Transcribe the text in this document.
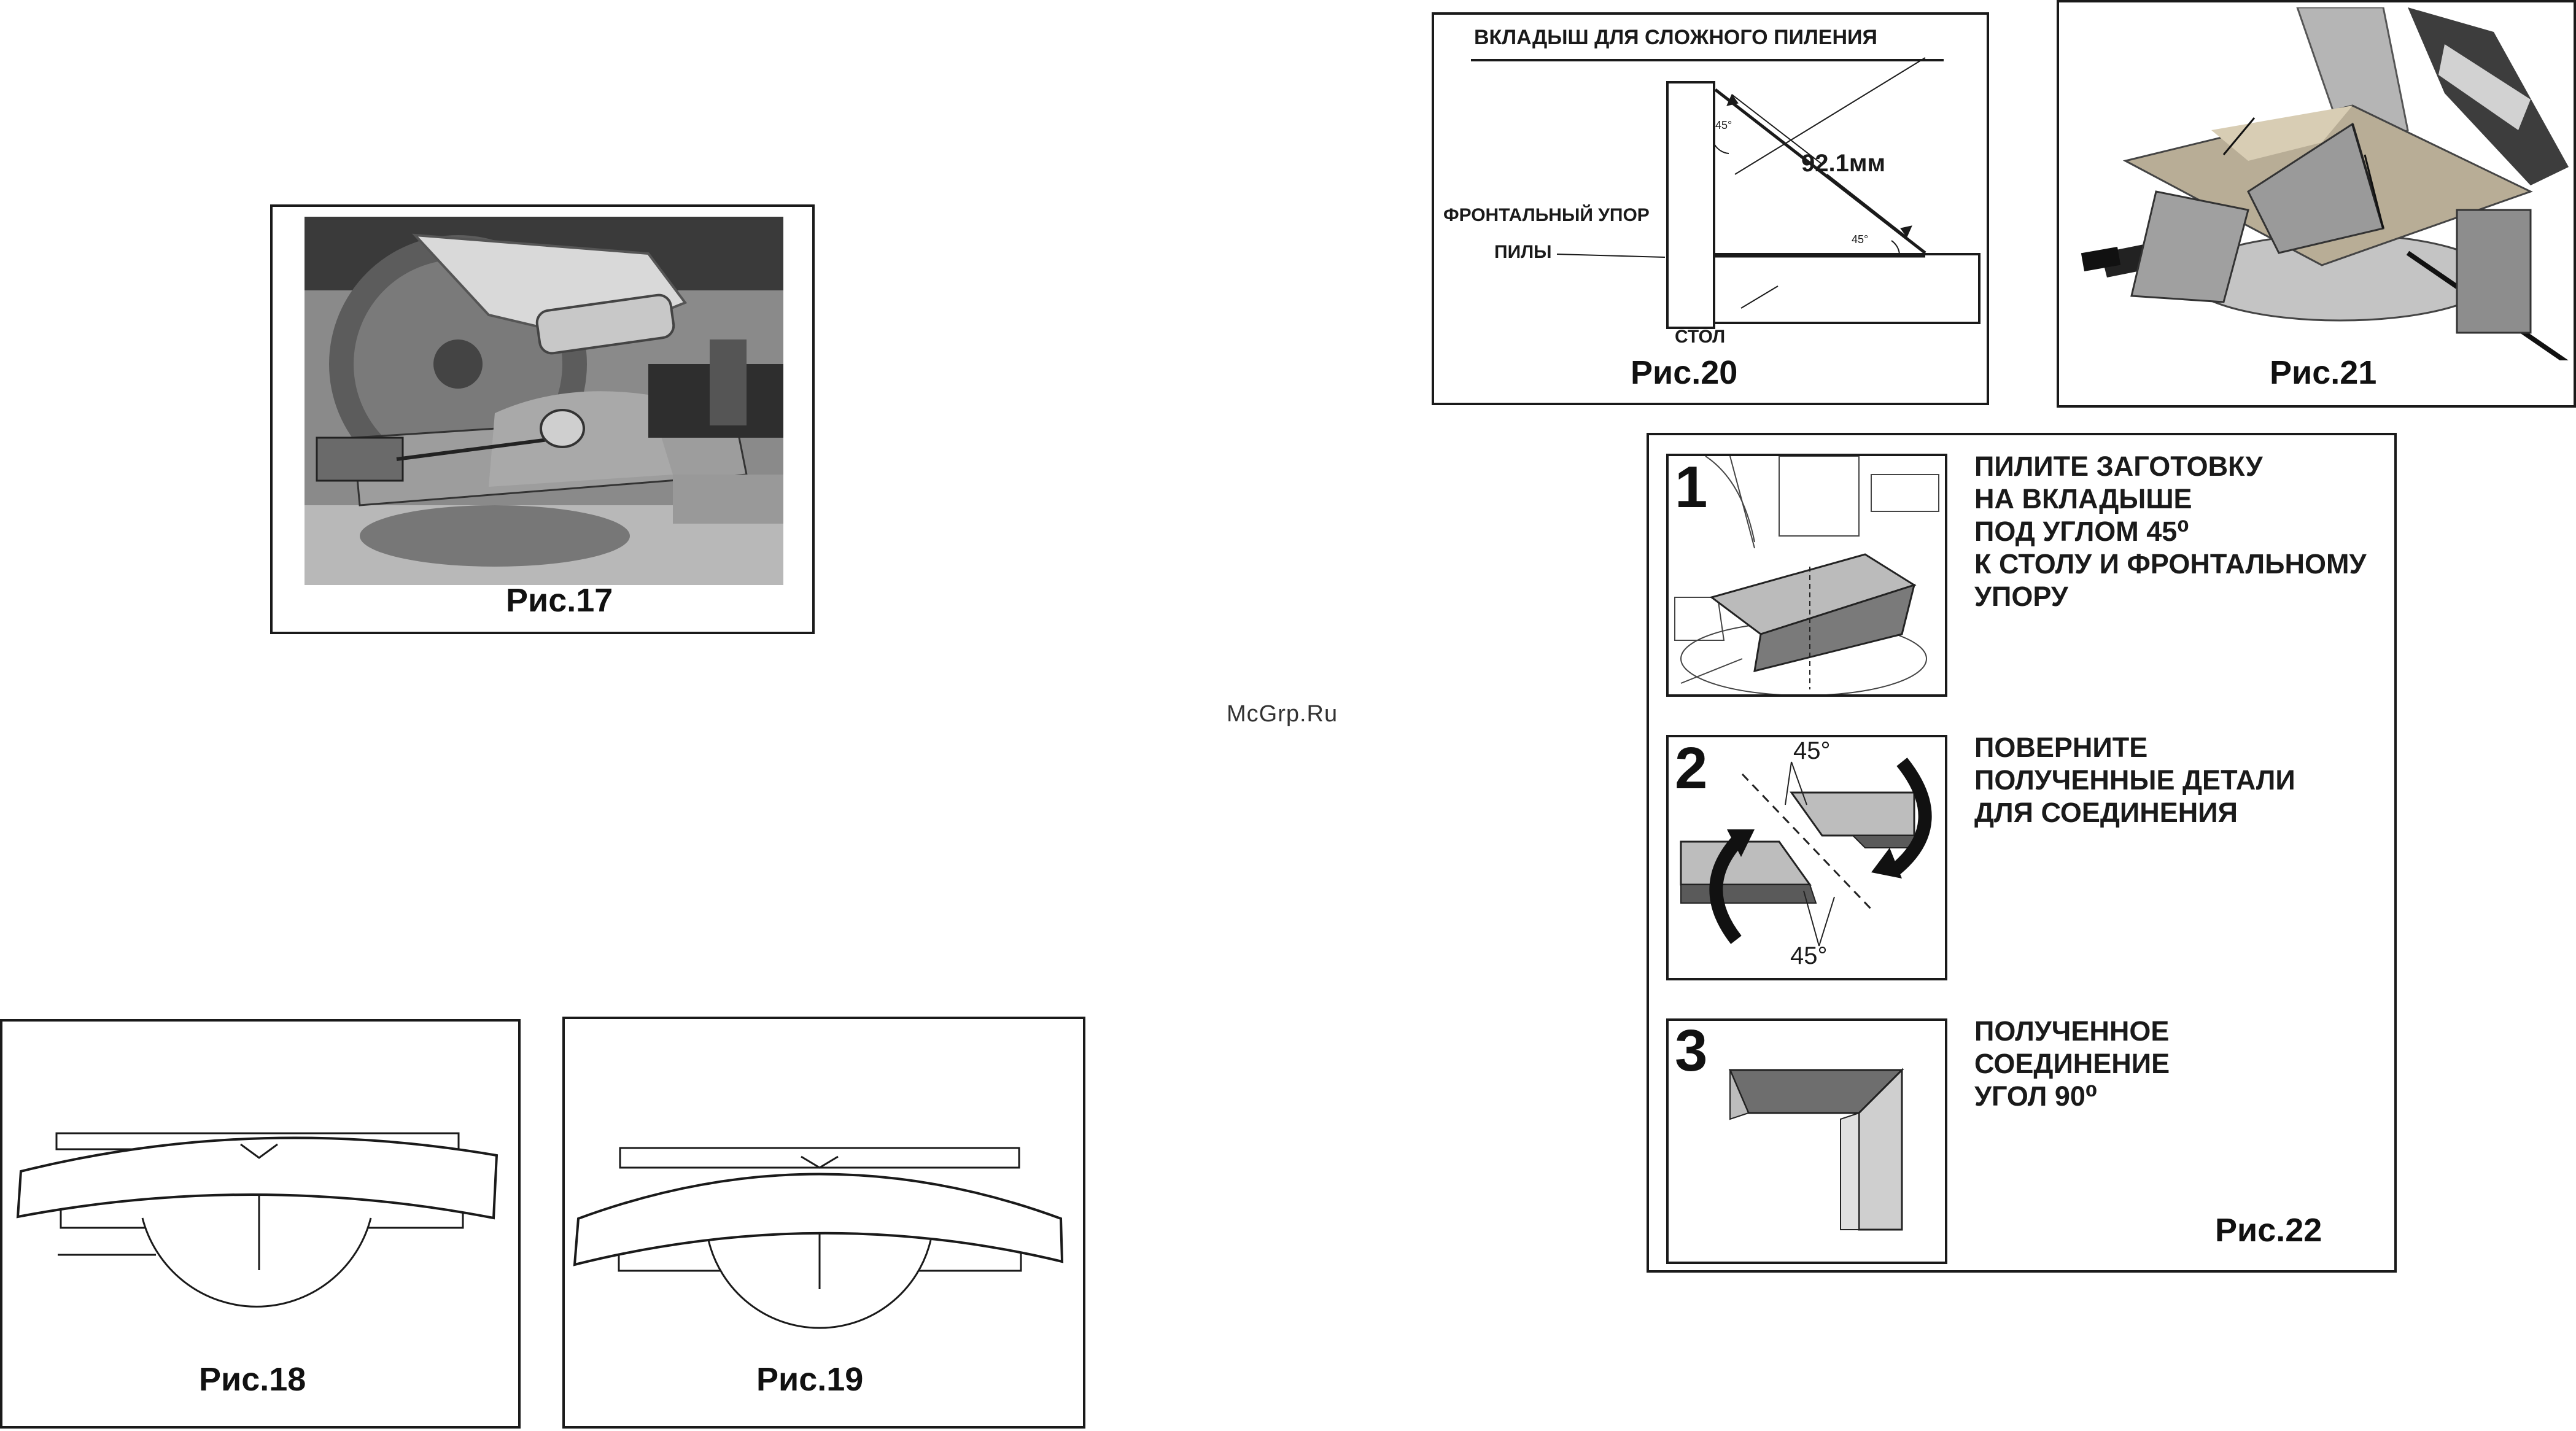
Рис.17
Рис.18	Рис.19
ВКЛАДЫШ ДЛЯ СЛОЖНОГО ПИЛЕНИЯ
45°
92.1мм
45°
ФРОНТАЛЬНЫЙ УПОР
ПИЛЫ
СТОЛ
Рис.20	Рис.21
McGrp.Ru
1	ПИЛИТЕ ЗАГОТОВКУ
НА ВКЛАДЫШЕ
ПОД УГЛОМ 45⁰
К СТОЛУ И ФРОНТАЛЬНОМУ
УПОРУ
2	45°
45°
ПОВЕРНИТЕ
ПОЛУЧЕННЫЕ ДЕТАЛИ
ДЛЯ СОЕДИНЕНИЯ
3	ПОЛУЧЕННОЕ
СОЕДИНЕНИЕ
УГОЛ 90⁰
Рис.22
